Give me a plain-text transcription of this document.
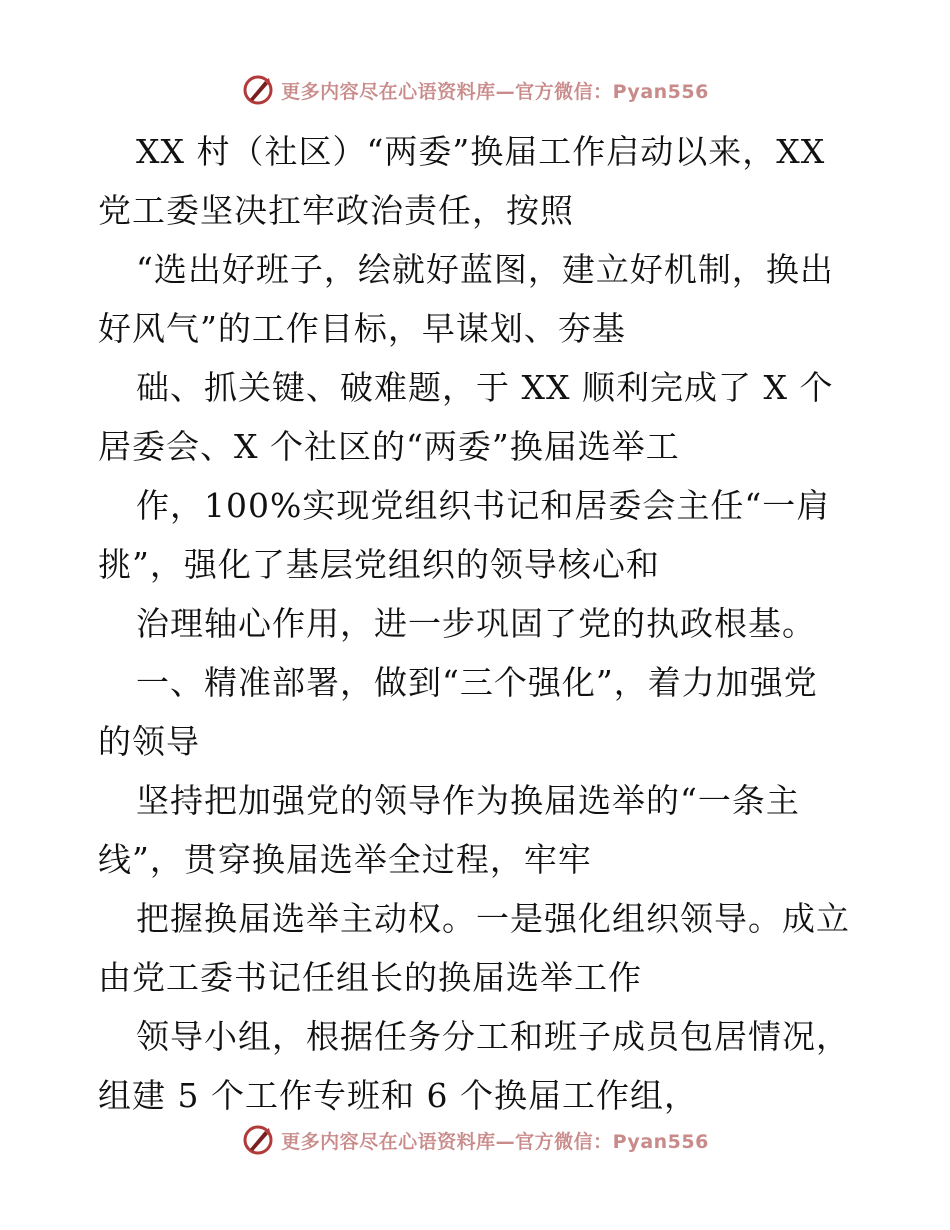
更多内容尽在心语资料库—官方微信：Pyan556
XX 村（社区）“两委”换届工作启动以来，XX
党工委坚决扛牢政治责任，按照
“选出好班子，绘就好蓝图，建立好机制，换出
好风气”的工作目标，早谋划、夯基
础、抓关键、破难题，于 XX 顺利完成了 X 个
居委会、X 个社区的“两委”换届选举工
作，100%实现党组织书记和居委会主任“一肩
挑”，强化了基层党组织的领导核心和
治理轴心作用，进一步巩固了党的执政根基。
一、精准部署，做到“三个强化”，着力加强党
的领导
坚持把加强党的领导作为换届选举的“一条主
线”，贯穿换届选举全过程，牢牢
把握换届选举主动权。一是强化组织领导。成立
由党工委书记任组长的换届选举工作
领导小组，根据任务分工和班子成员包居情况，
组建 5 个工作专班和 6 个换届工作组，
更多内容尽在心语资料库—官方微信：Pyan556
